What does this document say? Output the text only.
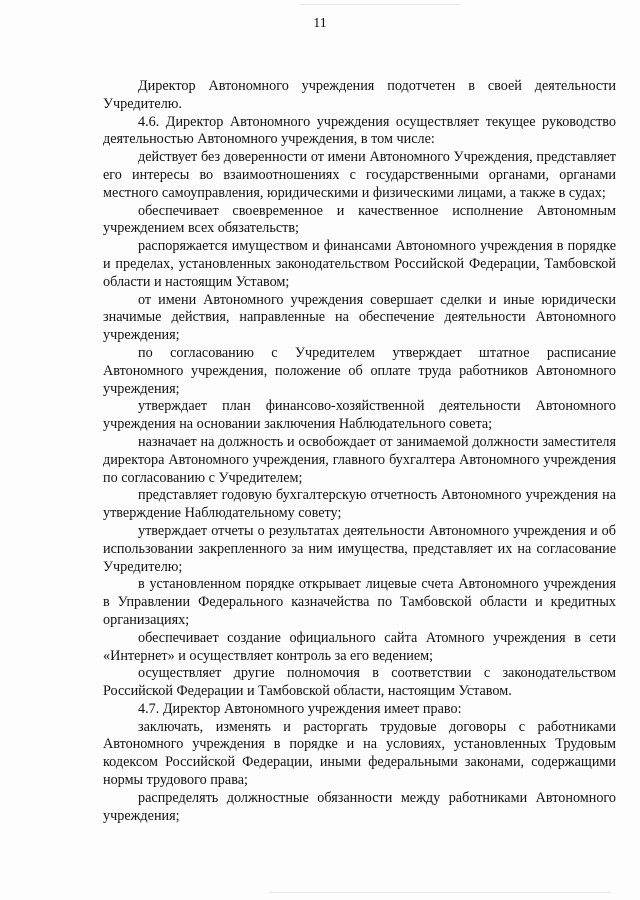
11

Директор Автономного учреждения подотчетен в своей деятельности Учредителю.

4.6. Директор Автономного учреждения осуществляет текущее руководство деятельностью Автономного учреждения, в том числе:

действует без доверенности от имени Автономного Учреждения, представляет его интересы во взаимоотношениях с государственными органами, органами местного самоуправления, юридическими и физическими лицами, а также в судах;

обеспечивает своевременное и качественное исполнение Автономным учреждением всех обязательств;

распоряжается имуществом и финансами Автономного учреждения в порядке и пределах, установленных законодательством Российской Федерации, Тамбовской области и настоящим Уставом;

от имени Автономного учреждения совершает сделки и иные юридически значимые действия, направленные на обеспечение деятельности Автономного учреждения;

по согласованию с Учредителем утверждает штатное расписание Автономного учреждения, положение об оплате труда работников Автономного учреждения;

утверждает план финансово-хозяйственной деятельности Автономного учреждения на основании заключения Наблюдательного совета;

назначает на должность и освобождает от занимаемой должности заместителя директора Автономного учреждения, главного бухгалтера Автономного учреждения по согласованию с Учредителем;

представляет годовую бухгалтерскую отчетность Автономного учреждения на утверждение Наблюдательному совету;

утверждает отчеты о результатах деятельности Автономного учреждения и об использовании закрепленного за ним имущества, представляет их на согласование Учредителю;

в установленном порядке открывает лицевые счета Автономного учреждения в Управлении Федерального казначейства по Тамбовской области и кредитных организациях;

обеспечивает создание официального сайта Атомного учреждения в сети «Интернет» и осуществляет контроль за его ведением;

осуществляет другие полномочия в соответствии с законодательством Российской Федерации и Тамбовской области, настоящим Уставом.

4.7. Директор Автономного учреждения имеет право:

заключать, изменять и расторгать трудовые договоры с работниками Автономного учреждения в порядке и на условиях, установленных Трудовым кодексом Российской Федерации, иными федеральными законами, содержащими нормы трудового права;

распределять должностные обязанности между работниками Автономного учреждения;
